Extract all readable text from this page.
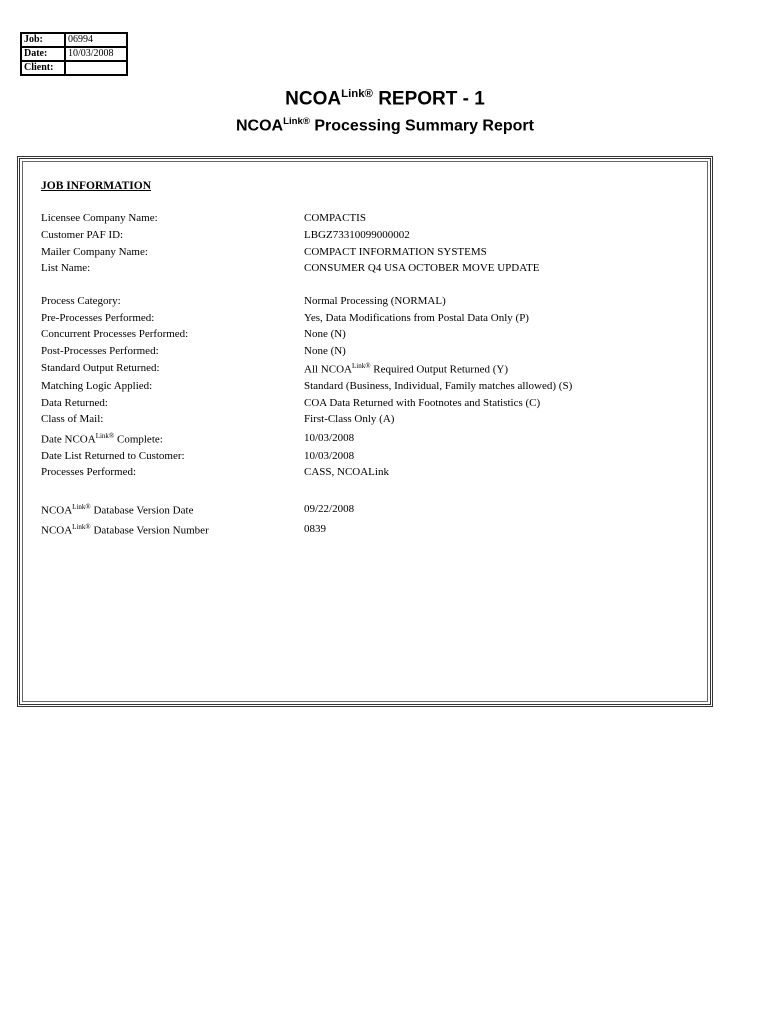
Job:	06994
Date:	10/03/2008
Client:	
$NCOA^{Link®}$ REPORT - 1
$NCOA^{Link®}$ Processing Summary Report
JOB INFORMATION
Licensee Company Name:	COMPACTIS
Customer PAF ID:	LBGZ73310099000002
Mailer Company Name:	COMPACT INFORMATION SYSTEMS
List Name:	CONSUMER Q4 USA OCTOBER MOVE UPDATE
Process Category:	Normal Processing (NORMAL)
Pre-Processes Performed:	Yes, Data Modifications from Postal Data Only (P)
Concurrent Processes Performed:	None (N)
Post-Processes Performed:	None (N)
Standard Output Returned:	All $NCOA^{Link®}$ Required Output Returned (Y)
Matching Logic Applied:	Standard (Business, Individual, Family matches allowed) (S)
Data Returned:	COA Data Returned with Footnotes and Statistics (C)
Class of Mail:	First-Class Only (A)
Date $NCOA^{Link®}$ Complete:	10/03/2008
Date List Returned to Customer:	10/03/2008
Processes Performed:	CASS, NCOALink
$NCOA^{Link®}$ Database Version Date	09/22/2008
$NCOA^{Link®}$ Database Version Number	0839
